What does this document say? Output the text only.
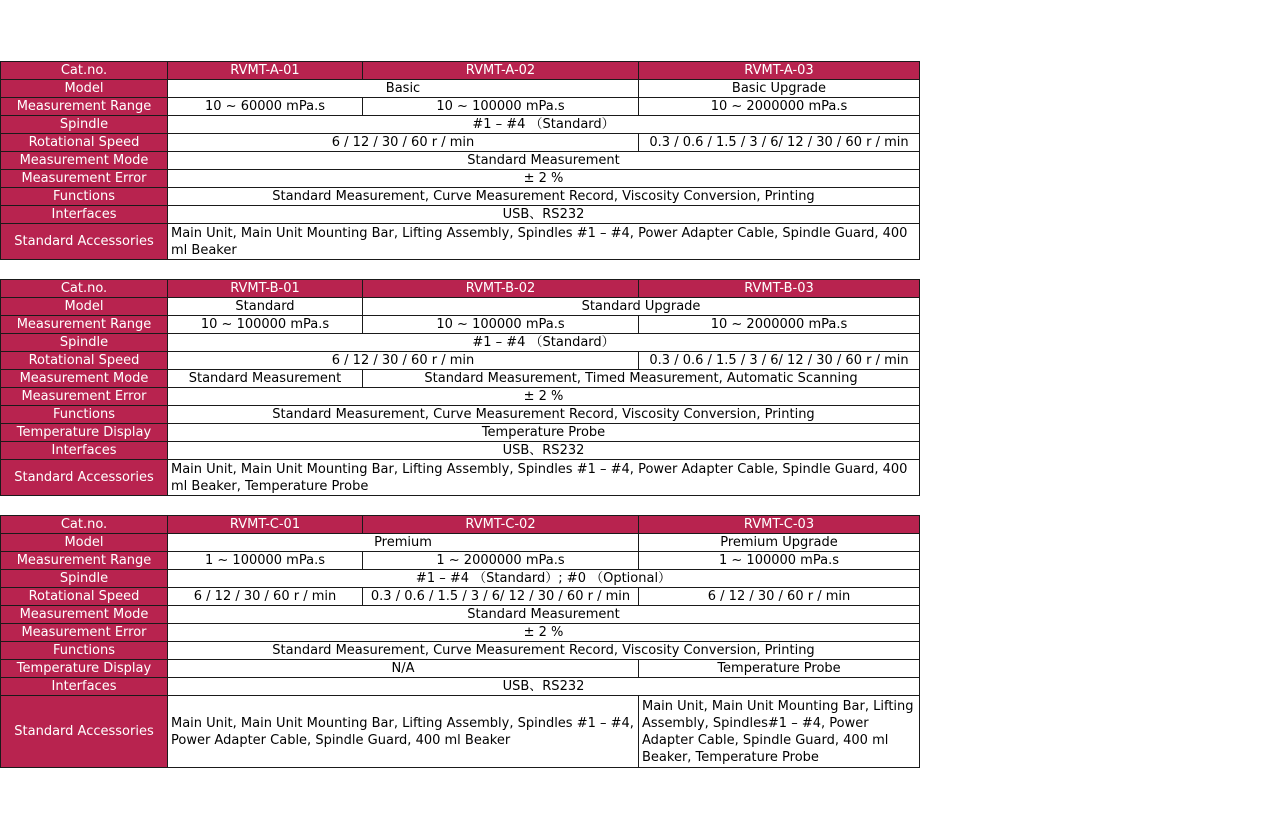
Cat.no.	RVMT-A-01	RVMT-A-02	RVMT-A-03
Model	Basic		Basic Upgrade
Measurement Range	10 ~ 60000 mPa.s	10 ~ 100000 mPa.s	10 ~ 2000000 mPa.s
Spindle	#1 – #4 （Standard）		
Rotational Speed	6 / 12 / 30 / 60 r / min		0.3 / 0.6 / 1.5 / 3 / 6/ 12 / 30 / 60 r / min
Measurement Mode	Standard Measurement		
Measurement Error	± 2 %		
Functions	Standard Measurement, Curve Measurement Record, Viscosity Conversion, Printing		
Interfaces	USB、RS232		
Standard Accessories	Main Unit, Main Unit Mounting Bar, Lifting Assembly, Spindles #1 – #4, Power Adapter Cable, Spindle Guard, 400 ml Beaker		
Cat.no.	RVMT-B-01	RVMT-B-02	RVMT-B-03
Model	Standard	Standard Upgrade	
Measurement Range	10 ~ 100000 mPa.s	10 ~ 100000 mPa.s	10 ~ 2000000 mPa.s
Spindle	#1 – #4 （Standard）		
Rotational Speed	6 / 12 / 30 / 60 r / min		0.3 / 0.6 / 1.5 / 3 / 6/ 12 / 30 / 60 r / min
Measurement Mode	Standard Measurement	Standard Measurement, Timed Measurement, Automatic Scanning	
Measurement Error	± 2 %		
Functions	Standard Measurement, Curve Measurement Record, Viscosity Conversion, Printing		
Temperature Display	Temperature Probe		
Interfaces	USB、RS232		
Standard Accessories	Main Unit, Main Unit Mounting Bar, Lifting Assembly, Spindles #1 – #4, Power Adapter Cable, Spindle Guard, 400 ml Beaker, Temperature Probe		
Cat.no.	RVMT-C-01	RVMT-C-02	RVMT-C-03
Model	Premium		Premium Upgrade
Measurement Range	1 ~ 100000 mPa.s	1 ~ 2000000 mPa.s	1 ~ 100000 mPa.s
Spindle	#1 – #4 （Standard）; #0 （Optional）		
Rotational Speed	6 / 12 / 30 / 60 r / min	0.3 / 0.6 / 1.5 / 3 / 6/ 12 / 30 / 60 r / min	6 / 12 / 30 / 60 r / min
Measurement Mode	Standard Measurement		
Measurement Error	± 2 %		
Functions	Standard Measurement, Curve Measurement Record, Viscosity Conversion, Printing		
Temperature Display	N/A		Temperature Probe
Interfaces	USB、RS232		
Standard Accessories	Main Unit, Main Unit Mounting Bar, Lifting Assembly, Spindles #1 – #4, Power Adapter Cable, Spindle Guard, 400 ml Beaker		Main Unit, Main Unit Mounting Bar, Lifting Assembly, Spindles#1 – #4, Power Adapter Cable, Spindle Guard, 400 ml Beaker, Temperature Probe
